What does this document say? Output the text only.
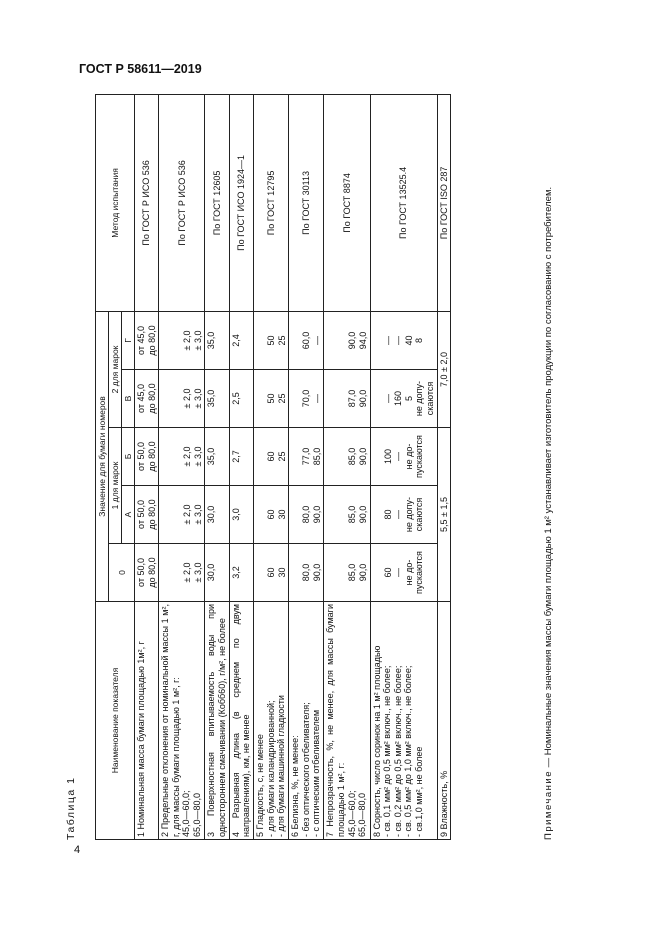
ГОСТ Р 58611—2019
4
Таблица 1
Наименование показателя	Значение для бумаги номеров					Метод испытания
	0	1 для марок		2 для марок		
		А	Б	В	Г	

1 Номинальная масса бумаги площадью 1м², г	от 50,0 до 80,0	от 50,0 до 80,0	от 50,0 до 80,0	от 45,0 до 80,0	от 45,0 до 80,0	По ГОСТ Р ИСО 536

2 Предельные отклонения от номинальной массы 1 м², г, для массы бумаги площадью 1 м², г: 45,0—60,0; 65,0—80,0	± 2,0 ± 3,0	± 2,0 ± 3,0	± 2,0 ± 3,0	± 2,0 ± 3,0	± 2,0 ± 3,0	По ГОСТ Р ИСО 536

3 Поверхностная впитываемость воды при одностороннем смачивании (Кобб60), г/м², не более	30,0	30,0	35,0	35,0	35,0	По ГОСТ 12605

4 Разрывная длина (в среднем по двум направлениям), км, не менее	3,2	3,0	2,7	2,5	2,4	По ГОСТ ИСО 1924—1

5 Гладкость, с, не менее - для бумаги каландрированной; - для бумаги машинной гладкости	60 30	60 30	60 25	50 25	50 25	По ГОСТ 12795

6 Белизна, %, не менее: - без оптического отбеливателя; - с оптическим отбеливателем	80,0 90,0	80,0 90,0	77,0 85,0	70,0 —	60,0 —	По ГОСТ 30113

7 Непрозрачность, %, не менее, для массы бумаги площадью 1 м², г: 45,0—60,0; 65,0—80,0	85,0 90,0	85,0 90,0	85,0 90,0	87,0 90,0	90,0 94,0	По ГОСТ 8874

8 Сорность, число соринок на 1 м² площадью - св. 0,1 мм² до 0,5 мм² включ., не более; - св. 0,2 мм² до 0,5 мм² включ., не более; - св. 0,5 мм² до 1,0 мм² включ., не более; - св.1,0 мм², не более	60 — не до- пускаются	80 — не допу- скаются	100 — не до- пускаются	— 160 5 не допу-скаются	— — 40 8	По ГОСТ 13525.4

9 Влажность, %	5,5 ± 1,5			7,0 ± 2,0		По ГОСТ ISO 287
Примечание — Номинальные значения массы бумаги площадью 1 м² устанавливает изготовитель продукции по согласованию с потребителем.
